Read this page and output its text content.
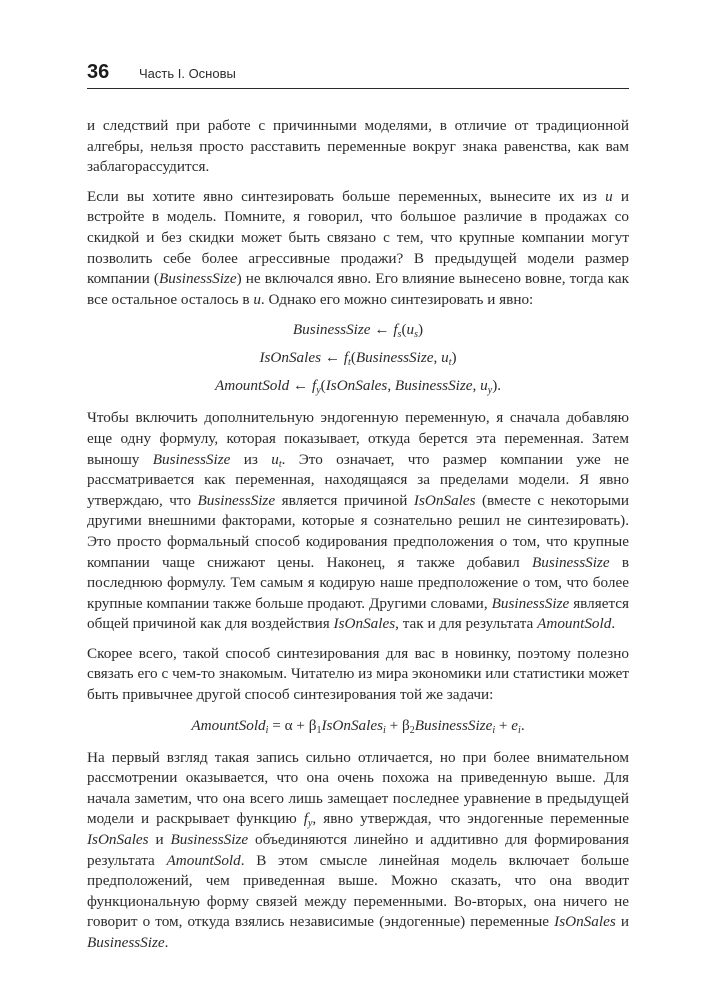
36 Часть I. Основы

и следствий при работе с причинными моделями, в отличие от традиционной алгебры, нельзя просто расставить переменные вокруг знака равенства, как вам заблагорассудится.

Если вы хотите явно синтезировать больше переменных, вынесите их из u и встройте в модель. Помните, я говорил, что большое различие в продажах со скидкой и без скидки может быть связано с тем, что крупные компании могут позволить себе более агрессивные продажи? В предыдущей модели размер компании (BusinessSize) не включался явно. Его влияние вынесено вовне, тогда как все остальное осталось в u. Однако его можно синтезировать и явно:

BusinessSize ← $f_s(u_s)$
IsOnSales ← $f_t(BusinessSize$, $u_t$)
AmountSold ← $f_y(IsOnSales$, BusinessSize, $u_y$).

Чтобы включить дополнительную эндогенную переменную, я сначала добавляю еще одну формулу, которая показывает, откуда берется эта переменная. Затем выношу BusinessSize из $u_t$. Это означает, что размер компании уже не рассматривается как переменная, находящаяся за пределами модели. Я явно утверждаю, что BusinessSize является причиной IsOnSales (вместе с некоторыми другими внешними факторами, которые я сознательно решил не синтезировать). Это просто формальный способ кодирования предположения о том, что крупные компании чаще снижают цены. Наконец, я также добавил BusinessSize в последнюю формулу. Тем самым я кодирую наше предположение о том, что более крупные компании также больше продают. Другими словами, BusinessSize является общей причиной как для воздействия IsOnSales, так и для результата AmountSold.

Скорее всего, такой способ синтезирования для вас в новинку, поэтому полезно связать его с чем-то знакомым. Читателю из мира экономики или статистики может быть привычнее другой способ синтезирования той же задачи:

AmountSold$_i$ = $\alpha + \beta_1IsOnSales_i$ + $\beta_2BusinessSize_i + e_i$.

На первый взгляд такая запись сильно отличается, но при более внимательном рассмотрении оказывается, что она очень похожа на приведенную выше. Для начала заметим, что она всего лишь замещает последнее уравнение в предыдущей модели и раскрывает функцию $f_y$, явно утверждая, что эндогенные переменные IsOnSales и BusinessSize объединяются линейно и аддитивно для формирования результата AmountSold. В этом смысле линейная модель включает больше предположений, чем приведенная выше. Можно сказать, что она вводит функциональную форму связей между переменными. Во-вторых, она ничего не говорит о том, откуда взялись независимые (эндогенные) переменные IsOnSales и BusinessSize.
